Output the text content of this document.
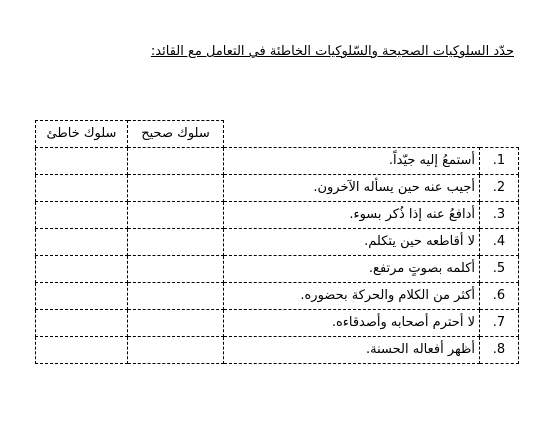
حدّد السلوكيات الصحيحة والسّلوكيات الخاطئة في التعامل مع القائد:
سلوك خاطئ	سلوك صحيح		
		أستمعُ إليه جيّداً.	.1
		أجيب عنه حين يسأله الآخرون.	.2
		أدافعُ عنه إذا ذُكر بسوء.	.3
		لا أقاطعه حين يتكلم.	.4
		أكلمه بصوتٍ مرتفع.	.5
		أكثر من الكلام والحركة بحضوره.	.6
		لا أحترم أصحابه وأصدقاءه.	.7
		أظهر أفعاله الحسنة.	.8
